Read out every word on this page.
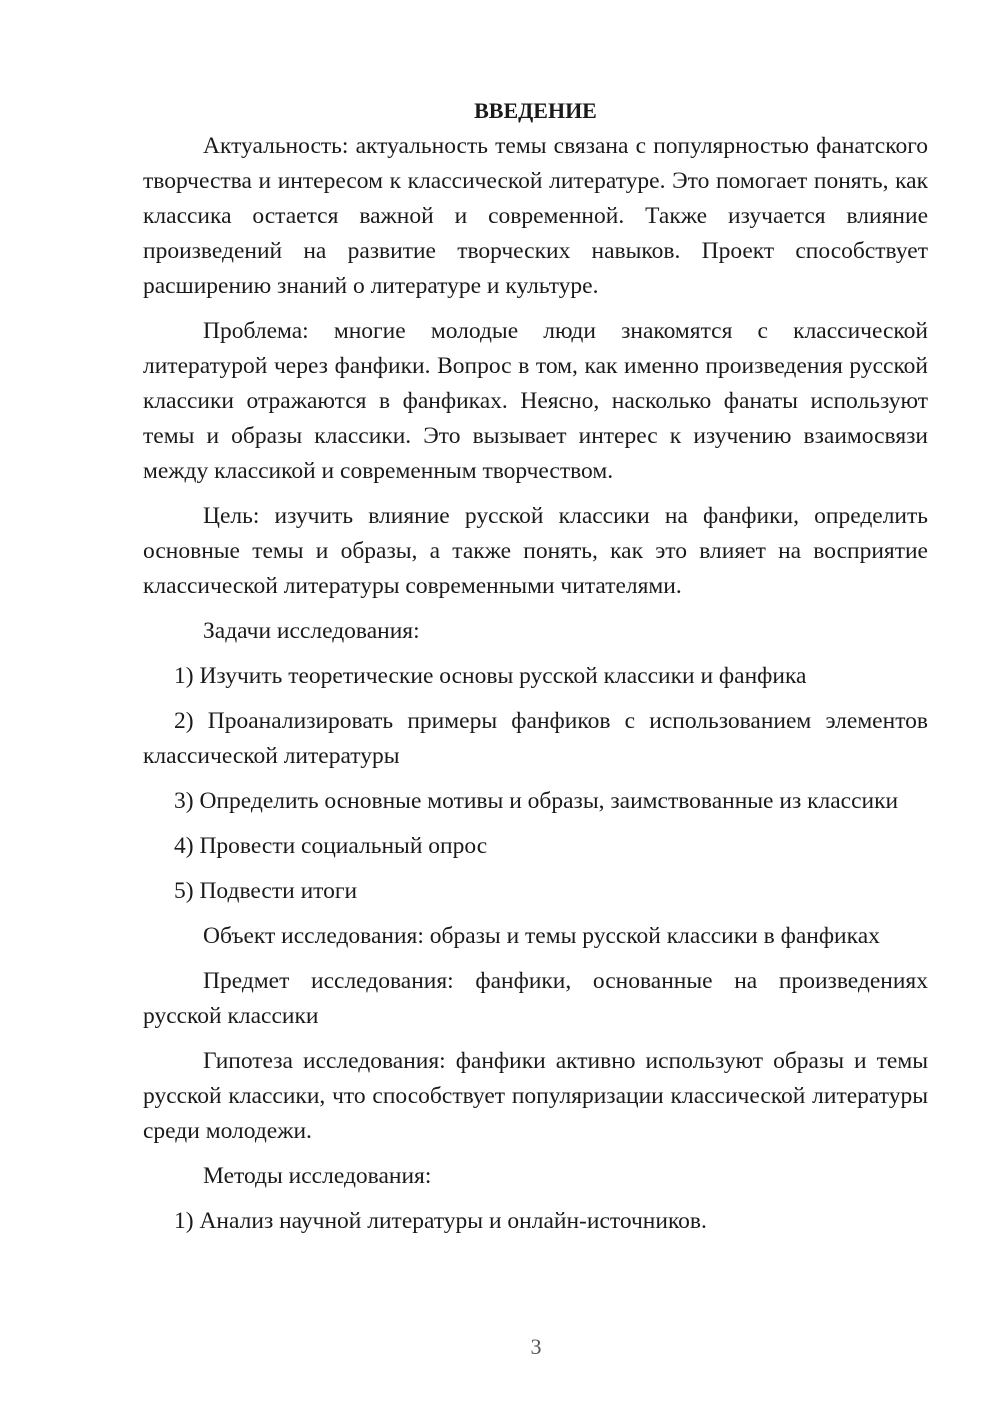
ВВЕДЕНИЕ

Актуальность: актуальность темы связана с популярностью фанатского творчества и интересом к классической литературе. Это помогает понять, как классика остается важной и современной. Также изучается влияние произведений на развитие творческих навыков. Проект способствует расширению знаний о литературе и культуре.

Проблема: многие молодые люди знакомятся с классической литературой через фанфики. Вопрос в том, как именно произведения русской классики отражаются в фанфиках. Неясно, насколько фанаты используют темы и образы классики. Это вызывает интерес к изучению взаимосвязи между классикой и современным творчеством.

Цель: изучить влияние русской классики на фанфики, определить основные темы и образы, а также понять, как это влияет на восприятие классической литературы современными читателями.

Задачи исследования:

1) Изучить теоретические основы русской классики и фанфика

2) Проанализировать примеры фанфиков с использованием элементов классической литературы

3) Определить основные мотивы и образы, заимствованные из классики

4) Провести социальный опрос

5) Подвести итоги

Объект исследования: образы и темы русской классики в фанфиках

Предмет исследования: фанфики, основанные на произведениях русской классики

Гипотеза исследования: фанфики активно используют образы и темы русской классики, что способствует популяризации классической литературы среди молодежи.

Методы исследования:

1) Анализ научной литературы и онлайн-источников.

3
